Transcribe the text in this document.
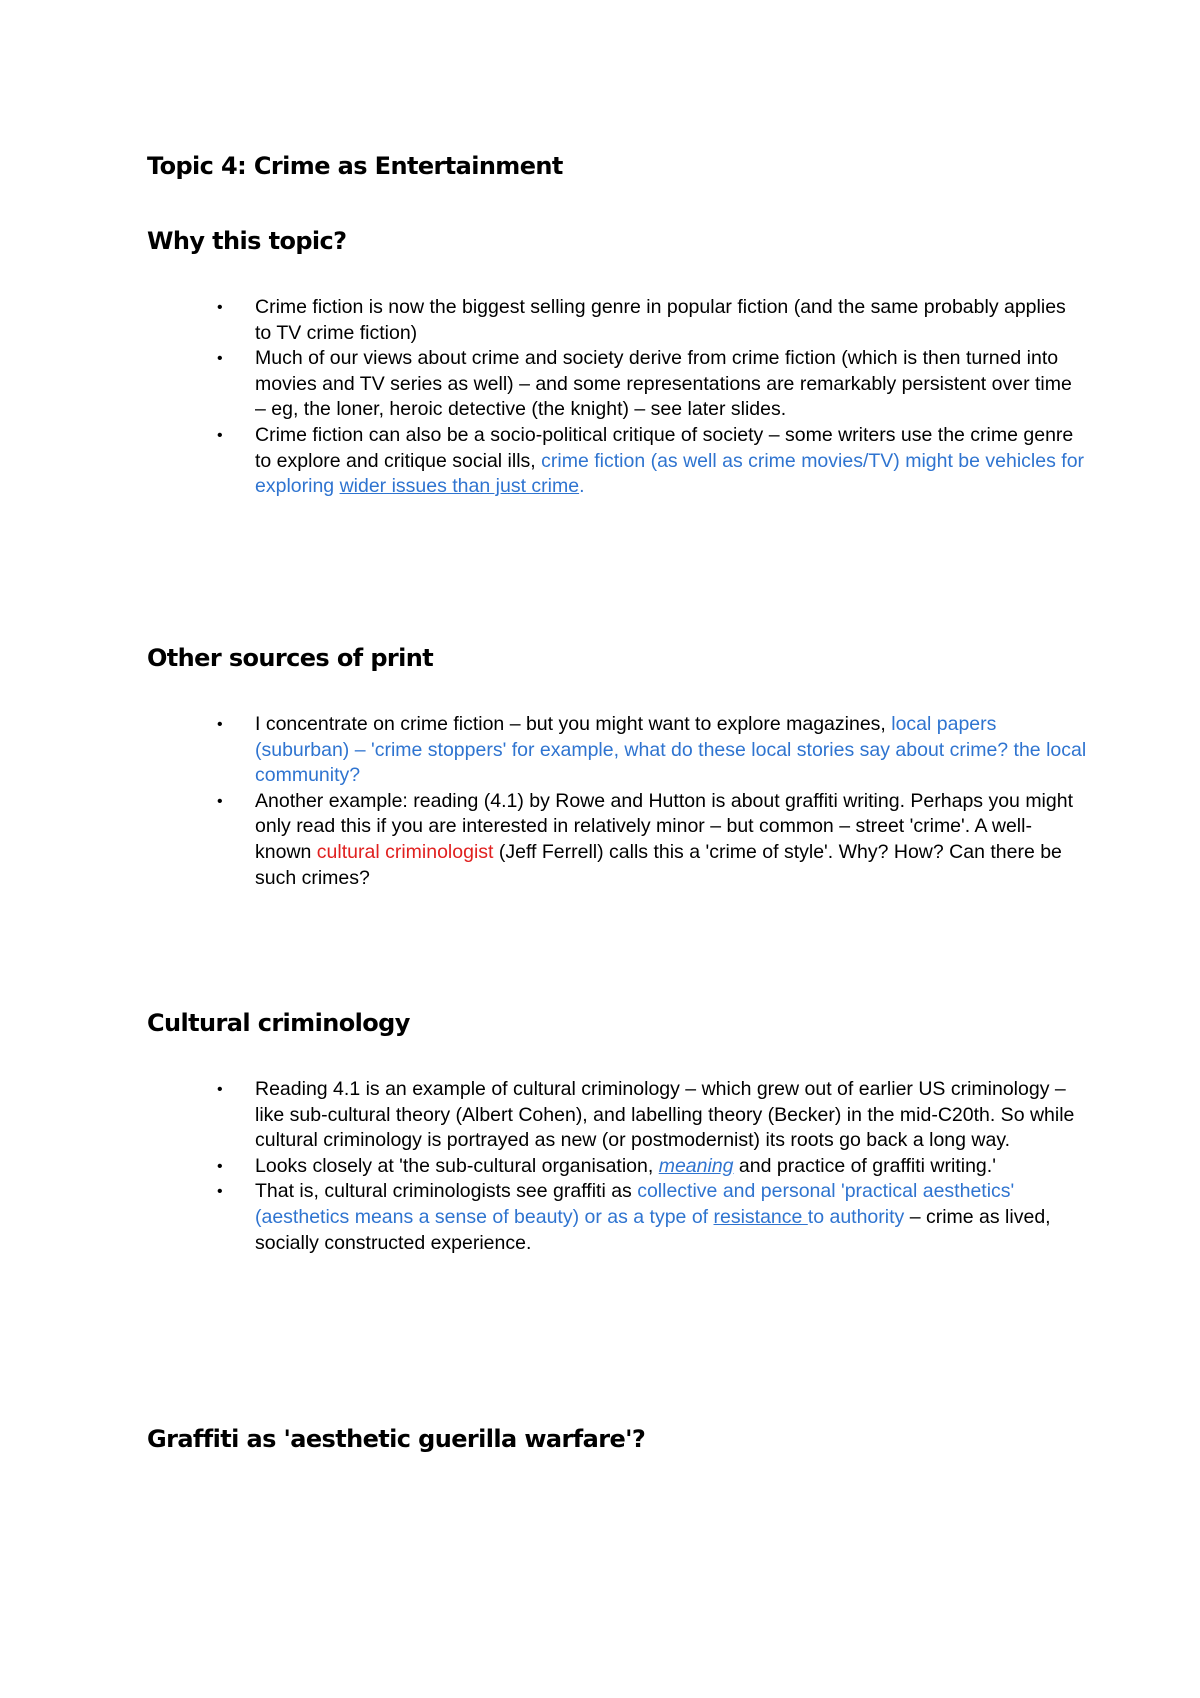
Topic 4: Crime as Entertainment
Why this topic?
• Crime fiction is now the biggest selling genre in popular fiction (and the same probably applies to TV crime fiction)
• Much of our views about crime and society derive from crime fiction (which is then turned into movies and TV series as well) – and some representations are remarkably persistent over time – eg, the loner, heroic detective (the knight) – see later slides.
• Crime fiction can also be a socio-political critique of society – some writers use the crime genre to explore and critique social ills, crime fiction (as well as crime movies/TV) might be vehicles for exploring wider issues than just crime.
Other sources of print
• I concentrate on crime fiction – but you might want to explore magazines, local papers (suburban) – 'crime stoppers' for example, what do these local stories say about crime? the local community?
• Another example: reading (4.1) by Rowe and Hutton is about graffiti writing. Perhaps you might only read this if you are interested in relatively minor – but common – street 'crime'. A well-known cultural criminologist (Jeff Ferrell) calls this a 'crime of style'. Why? How? Can there be such crimes?
Cultural criminology
• Reading 4.1 is an example of cultural criminology – which grew out of earlier US criminology – like sub-cultural theory (Albert Cohen), and labelling theory (Becker) in the mid-C20th. So while cultural criminology is portrayed as new (or postmodernist) its roots go back a long way.
• Looks closely at 'the sub-cultural organisation, meaning and practice of graffiti writing.'
• That is, cultural criminologists see graffiti as collective and personal 'practical aesthetics' (aesthetics means a sense of beauty) or as a type of resistance to authority – crime as lived, socially constructed experience.
Graffiti as 'aesthetic guerilla warfare'?
